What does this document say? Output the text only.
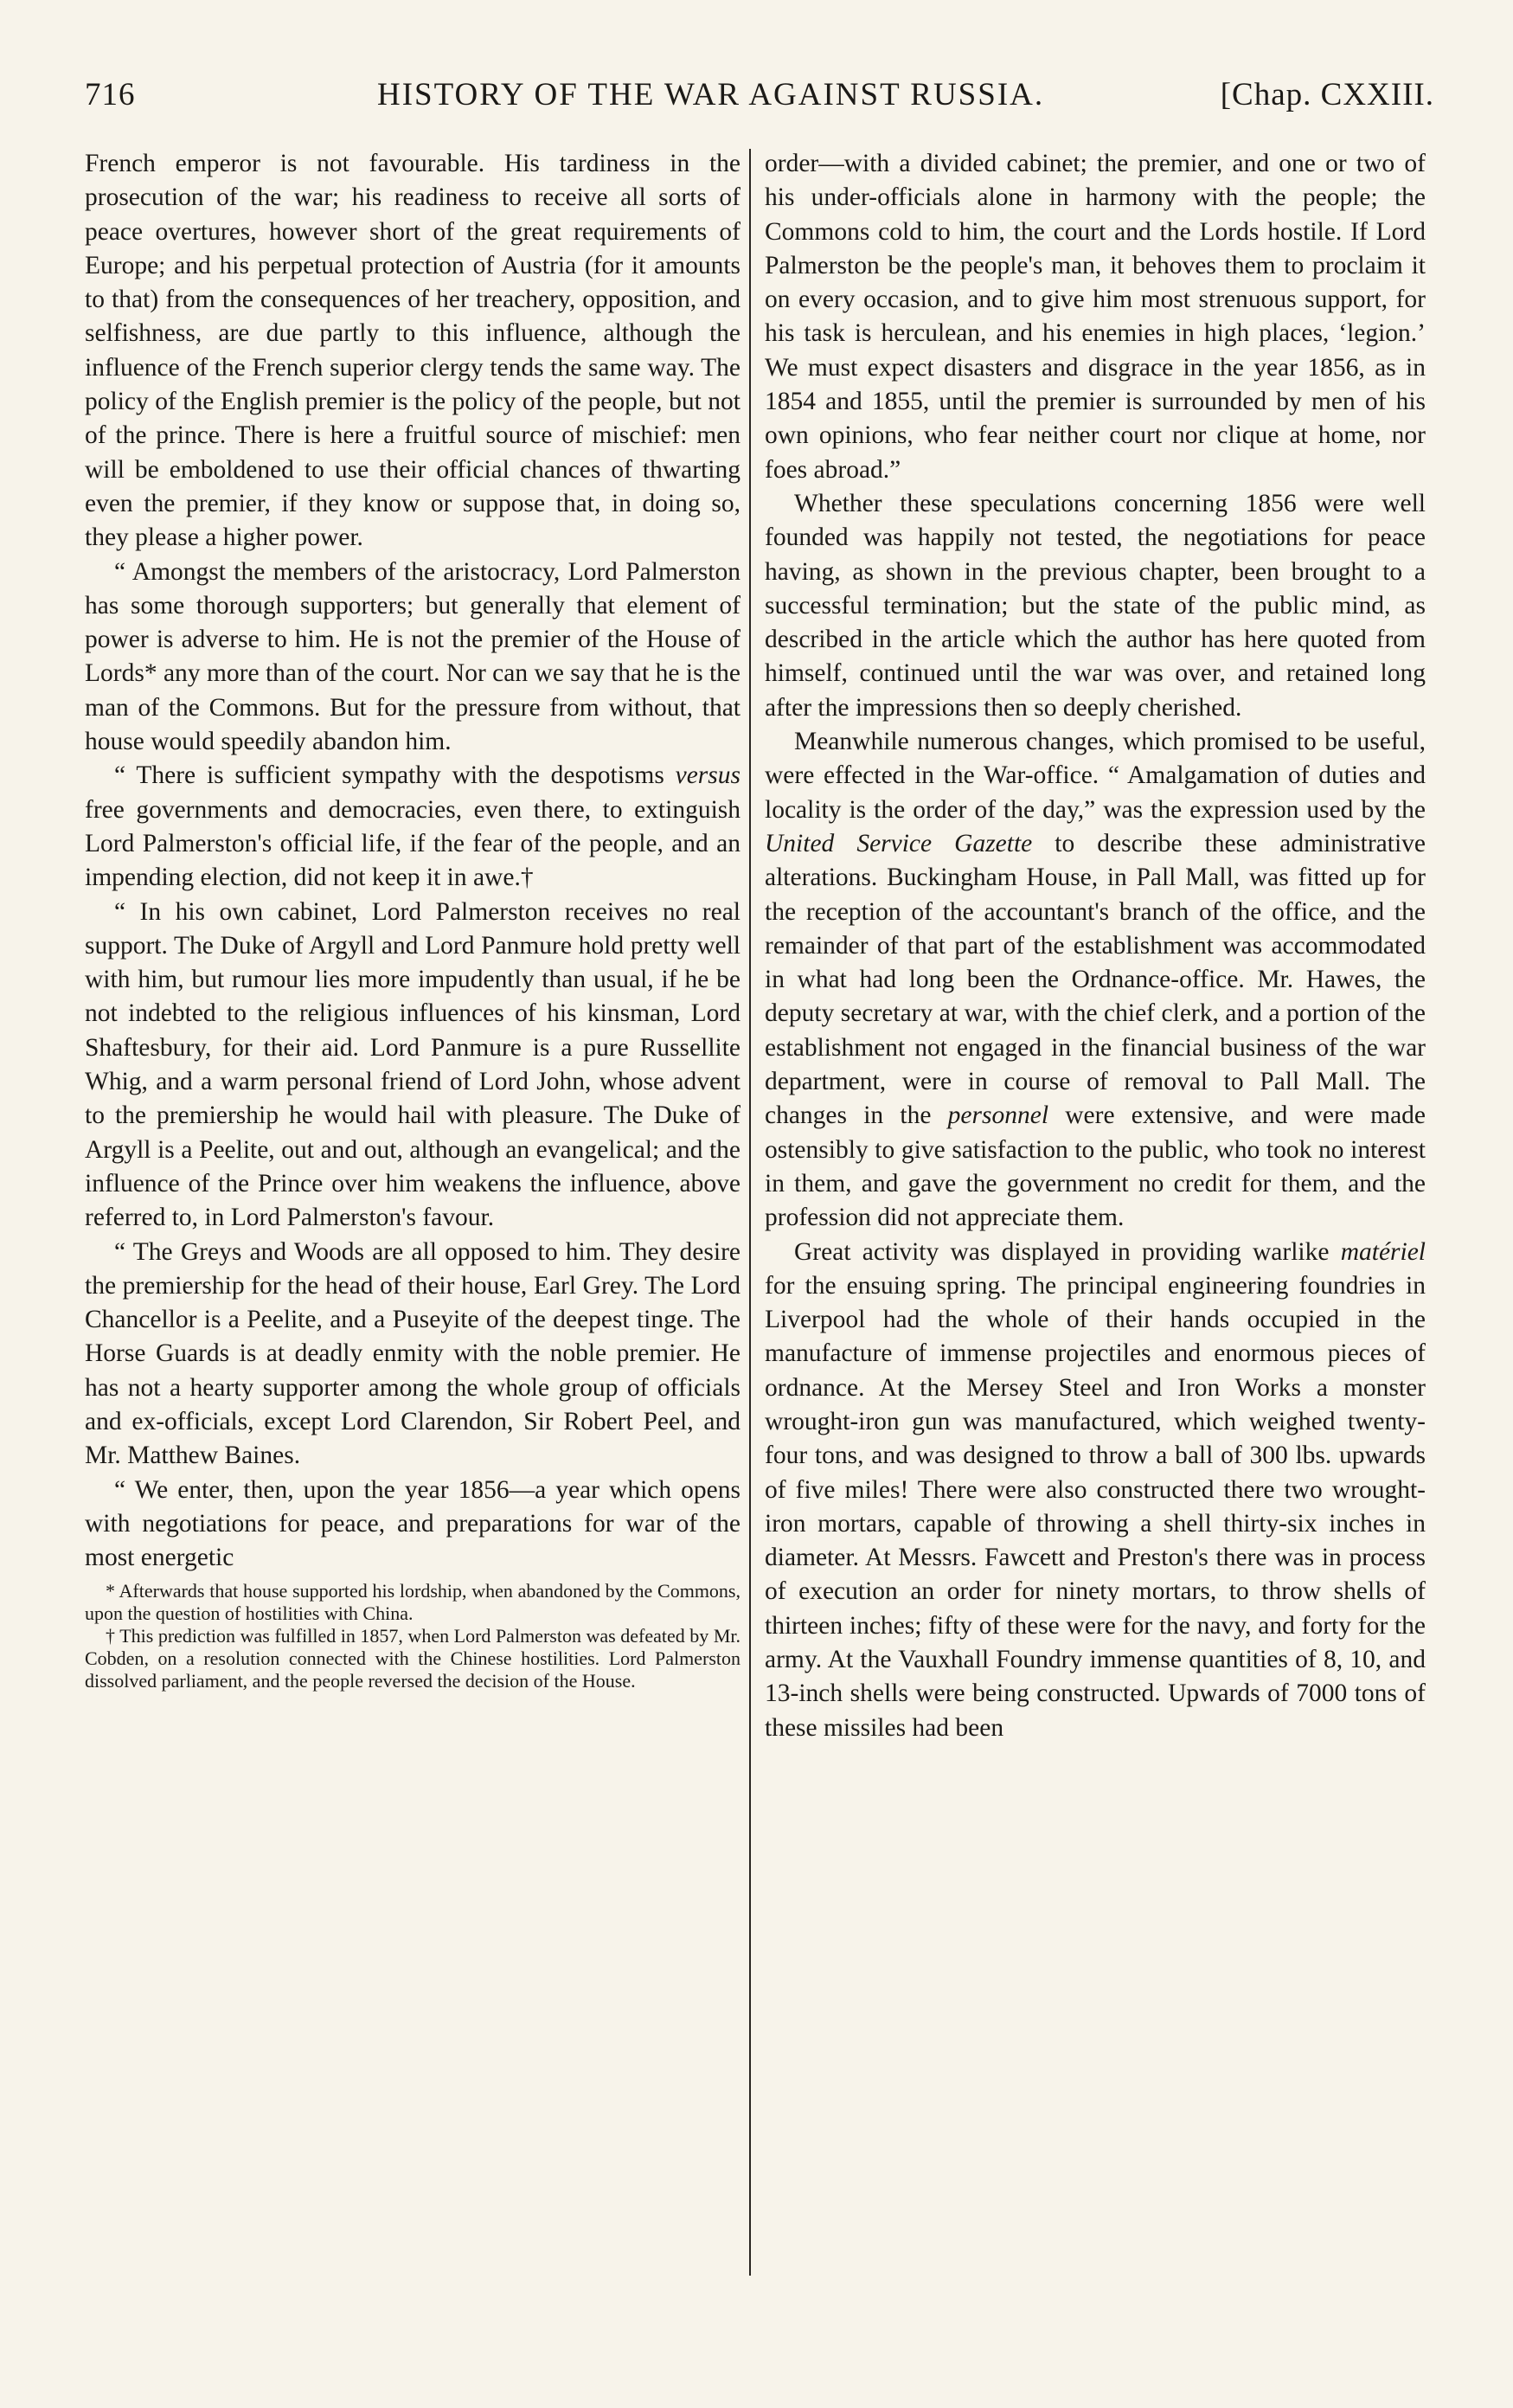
716	HISTORY OF THE WAR AGAINST RUSSIA.	[Chap. CXXIII.

French emperor is not favourable. His tardiness in the prosecution of the war; his readiness to receive all sorts of peace overtures, however short of the great requirements of Europe; and his perpetual protection of Austria (for it amounts to that) from the consequences of her treachery, opposition, and selfishness, are due partly to this influence, although the influence of the French superior clergy tends the same way. The policy of the English premier is the policy of the people, but not of the prince. There is here a fruitful source of mischief: men will be emboldened to use their official chances of thwarting even the premier, if they know or suppose that, in doing so, they please a higher power.

“ Amongst the members of the aristocracy, Lord Palmerston has some thorough supporters; but generally that element of power is adverse to him. He is not the premier of the House of Lords* any more than of the court. Nor can we say that he is the man of the Commons. But for the pressure from without, that house would speedily abandon him.

“ There is sufficient sympathy with the despotisms versus free governments and democracies, even there, to extinguish Lord Palmerston's official life, if the fear of the people, and an impending election, did not keep it in awe.†

“ In his own cabinet, Lord Palmerston receives no real support. The Duke of Argyll and Lord Panmure hold pretty well with him, but rumour lies more impudently than usual, if he be not indebted to the religious influences of his kinsman, Lord Shaftesbury, for their aid. Lord Panmure is a pure Russellite Whig, and a warm personal friend of Lord John, whose advent to the premiership he would hail with pleasure. The Duke of Argyll is a Peelite, out and out, although an evangelical; and the influence of the Prince over him weakens the influence, above referred to, in Lord Palmerston's favour.

“ The Greys and Woods are all opposed to him. They desire the premiership for the head of their house, Earl Grey. The Lord Chancellor is a Peelite, and a Puseyite of the deepest tinge. The Horse Guards is at deadly enmity with the noble premier. He has not a hearty supporter among the whole group of officials and ex-officials, except Lord Clarendon, Sir Robert Peel, and Mr. Matthew Baines.

“ We enter, then, upon the year 1856—a year which opens with negotiations for peace, and preparations for war of the most energetic

* Afterwards that house supported his lordship, when abandoned by the Commons, upon the question of hostilities with China.

† This prediction was fulfilled in 1857, when Lord Palmerston was defeated by Mr. Cobden, on a resolution connected with the Chinese hostilities. Lord Palmerston dissolved parliament, and the people reversed the decision of the House.

order—with a divided cabinet; the premier, and one or two of his under-officials alone in harmony with the people; the Commons cold to him, the court and the Lords hostile. If Lord Palmerston be the people's man, it behoves them to proclaim it on every occasion, and to give him most strenuous support, for his task is herculean, and his enemies in high places, ‘legion.’ We must expect disasters and disgrace in the year 1856, as in 1854 and 1855, until the premier is surrounded by men of his own opinions, who fear neither court nor clique at home, nor foes abroad.”

Whether these speculations concerning 1856 were well founded was happily not tested, the negotiations for peace having, as shown in the previous chapter, been brought to a successful termination; but the state of the public mind, as described in the article which the author has here quoted from himself, continued until the war was over, and retained long after the impressions then so deeply cherished.

Meanwhile numerous changes, which promised to be useful, were effected in the War-office. “ Amalgamation of duties and locality is the order of the day,” was the expression used by the United Service Gazette to describe these administrative alterations. Buckingham House, in Pall Mall, was fitted up for the reception of the accountant's branch of the office, and the remainder of that part of the establishment was accommodated in what had long been the Ordnance-office. Mr. Hawes, the deputy secretary at war, with the chief clerk, and a portion of the establishment not engaged in the financial business of the war department, were in course of removal to Pall Mall. The changes in the personnel were extensive, and were made ostensibly to give satisfaction to the public, who took no interest in them, and gave the government no credit for them, and the profession did not appreciate them.

Great activity was displayed in providing warlike matériel for the ensuing spring. The principal engineering foundries in Liverpool had the whole of their hands occupied in the manufacture of immense projectiles and enormous pieces of ordnance. At the Mersey Steel and Iron Works a monster wrought-iron gun was manufactured, which weighed twenty-four tons, and was designed to throw a ball of 300 lbs. upwards of five miles! There were also constructed there two wrought-iron mortars, capable of throwing a shell thirty-six inches in diameter. At Messrs. Fawcett and Preston's there was in process of execution an order for ninety mortars, to throw shells of thirteen inches; fifty of these were for the navy, and forty for the army. At the Vauxhall Foundry immense quantities of 8, 10, and 13-inch shells were being constructed. Upwards of 7000 tons of these missiles had been
